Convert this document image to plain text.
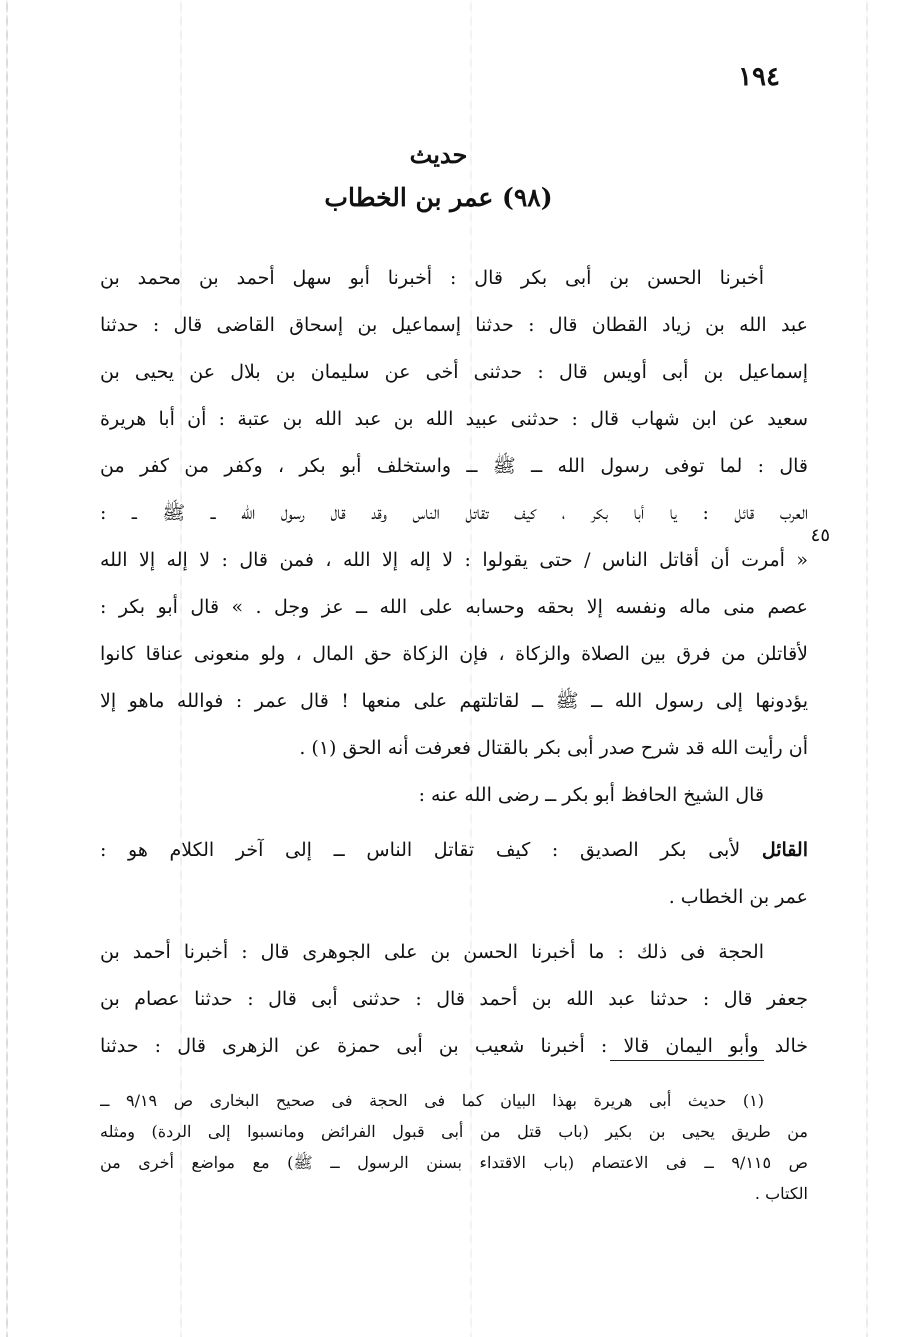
١٩٤
حديث
(٩٨) عمر بن الخطاب
٤٥
أخبرنا الحسن بن أبى بكر قال : أخبرنا أبو سهل أحمد بن محمد بن
عبد الله بن زياد القطان قال : حدثنا إسماعيل بن إسحاق القاضى قال : حدثنا
إسماعيل بن أبى أويس قال : حدثنى أخى عن سليمان بن بلال عن يحيى بن
سعيد عن ابن شهاب قال : حدثنى عبيد الله بن عبد الله بن عتبة : أن أبا هريرة
قال : لما توفى رسول الله ــ ﷺ ــ واستخلف أبو بكر ، وكفر من كفر من
العرب قائل : يا أبا بكر ، كيف تقاتل الناس وقد قال رسول الله ــ ﷺ ــ :
« أمرت أن أقاتل الناس / حتى يقولوا : لا إله إلا الله ، فمن قال : لا إله إلا الله
عصم منى ماله ونفسه إلا بحقه وحسابه على الله ــ عز وجل . » قال أبو بكر :
لأقاتلن من فرق بين الصلاة والزكاة ، فإن الزكاة حق المال ، ولو منعونى عناقا كانوا
يؤدونها إلى رسول الله ــ ﷺ ــ لقاتلتهم على منعها ! قال عمر : فوالله ماهو إلا
أن رأيت الله قد شرح صدر أبى بكر بالقتال فعرفت أنه الحق (١) .
قال الشيخ الحافظ أبو بكر ــ رضى الله عنه :
القائل لأبى بكر الصديق : كيف تقاتل الناس ــ إلى آخر الكلام هو :
عمر بن الخطاب .
الحجة فى ذلك : ما أخبرنا الحسن بن على الجوهرى قال : أخبرنا أحمد بن
جعفر قال : حدثنا عبد الله بن أحمد قال : حدثنى أبى قال : حدثنا عصام بن
خالد وأبو اليمان قالا : أخبرنا شعيب بن أبى حمزة عن الزهرى قال : حدثنا
(١) حديث أبى هريرة بهذا البيان كما فى الحجة فى صحيح البخارى ص ٩/١٩ ــ
من طريق يحيى بن بكير (باب قتل من أبى قبول الفرائض ومانسبوا إلى الردة) ومثله
ص ٩/١١٥ ــ فى الاعتصام (باب الاقتداء بسنن الرسول ــ ﷺ) مع مواضع أخرى من
الكتاب .
